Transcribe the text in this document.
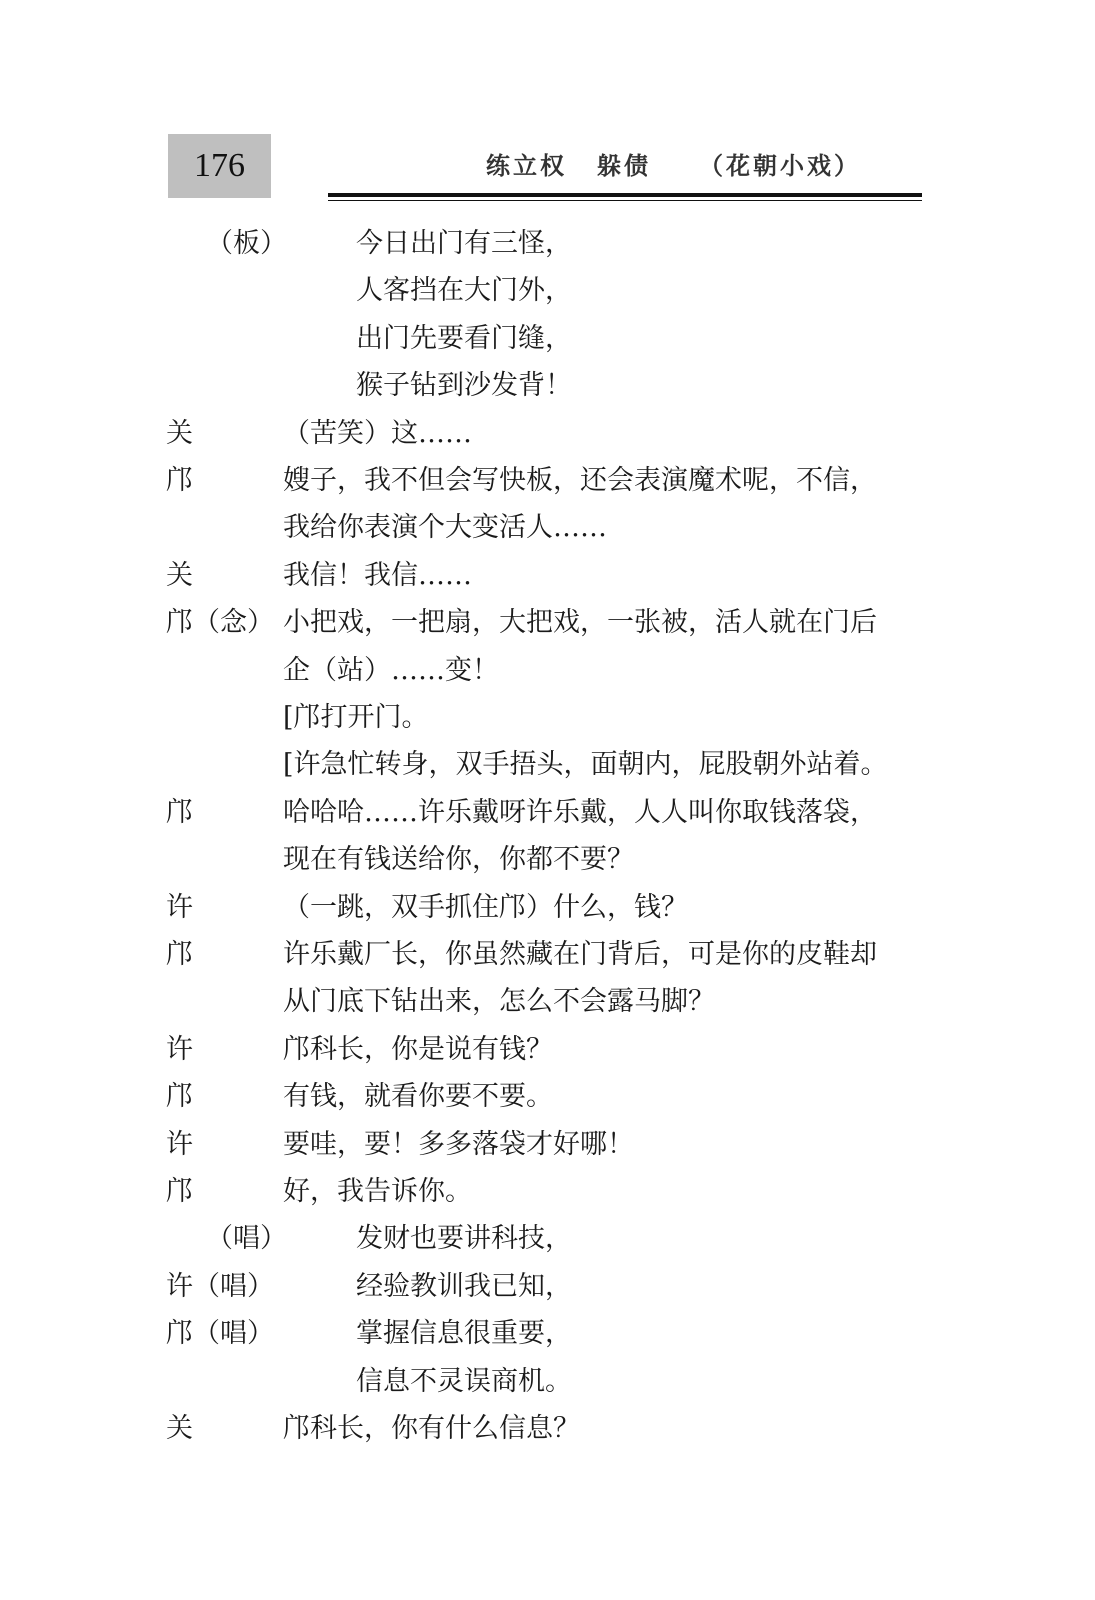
176	练立权 躲债 （花朝小戏）
（板）	今日出门有三怪，
人客挡在大门外，
出门先要看门缝，
猴子钻到沙发背！
关	（苦笑）这……
邝	嫂子，我不但会写快板，还会表演魔术呢，不信，
我给你表演个大变活人……
关	我信！我信……
邝（念） 小把戏，一把扇，大把戏，一张被，活人就在门后
企（站）……变！
[邝打开门。
[许急忙转身，双手捂头，面朝内，屁股朝外站着。
邝	哈哈哈……许乐戴呀许乐戴，人人叫你取钱落袋，
现在有钱送给你，你都不要？
许	（一跳，双手抓住邝）什么，钱？
邝	许乐戴厂长，你虽然藏在门背后，可是你的皮鞋却
从门底下钻出来，怎么不会露马脚？
许	邝科长，你是说有钱？
邝	有钱，就看你要不要。
许	要哇，要！多多落袋才好哪！
邝	好，我告诉你。
（唱）	发财也要讲科技，
许（唱）	经验教训我已知，
邝（唱）	掌握信息很重要，
信息不灵误商机。
关	邝科长，你有什么信息？
